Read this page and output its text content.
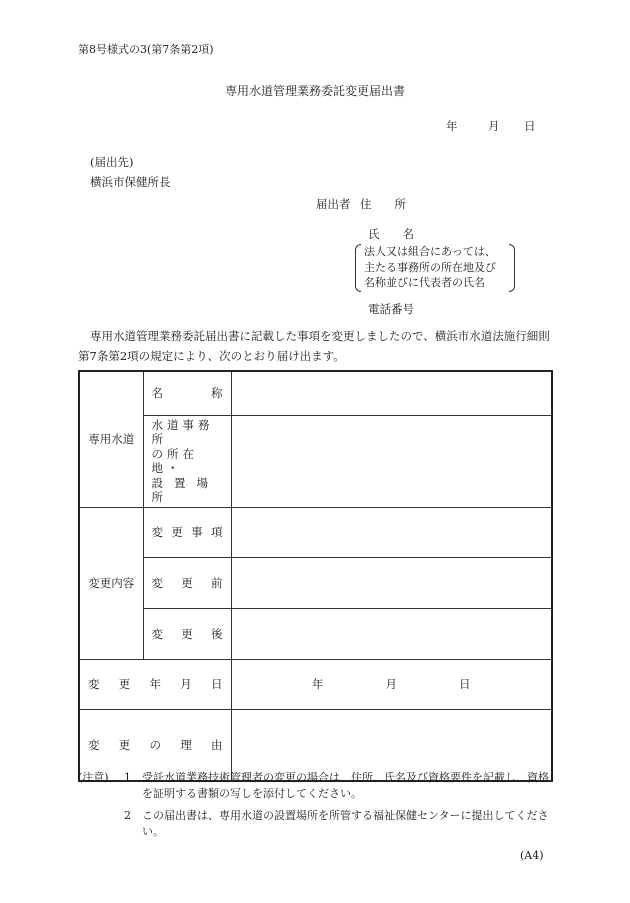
第8号様式の3(第7条第2項)
専用水道管理業務委託変更届出書
年	月 日
(届出先)
横浜市保健所長
届出者 住　　所
氏　　名
法人又は組合にあっては、
主たる事務所の所在地及び
名称並びに代表者の氏名
電話番号
専用水道管理業務委託届出書に記載した事項を変更しましたので、横浜市水道法施行細則第7条第2項の規定により、次のとおり届け出ます。
専用水道	名 称	

	水道事務所
の所在地・
設置場所	

変更内容	変 更 事 項	

	変 更 前	

	変 更 後	

変 更 年 月 日		年 月 日

変 更 の 理 由		

(注意)	1	受託水道業務技術管理者の変更の場合は、住所、氏名及び資格要件を記載し、資格を証明する書類の写しを添付してください。
2	この届出書は、専用水道の設置場所を所管する福祉保健センターに提出してください。
(A4)
